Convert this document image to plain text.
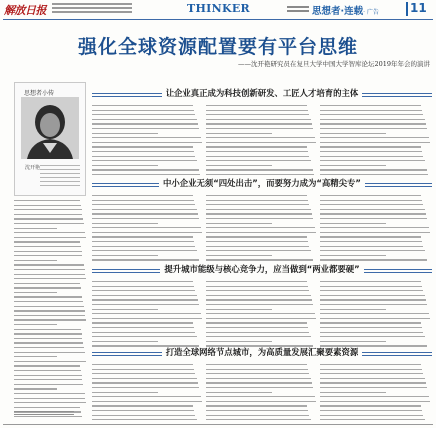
解放日报	THINKER	思想者·连载· 广告	11
强化全球资源配置要有平台思维
——沈开艳研究员在复旦大学中国大学智库论坛2019年年会的演讲
思想者小传
沈开艳
让企业真正成为科技创新研发、工匠人才培育的主体
中小企业无须“四处出击”，而要努力成为“高精尖专”
提升城市能级与核心竞争力，应当做到“两业都要硬”
打造全球网络节点城市，为高质量发展汇聚要素资源
